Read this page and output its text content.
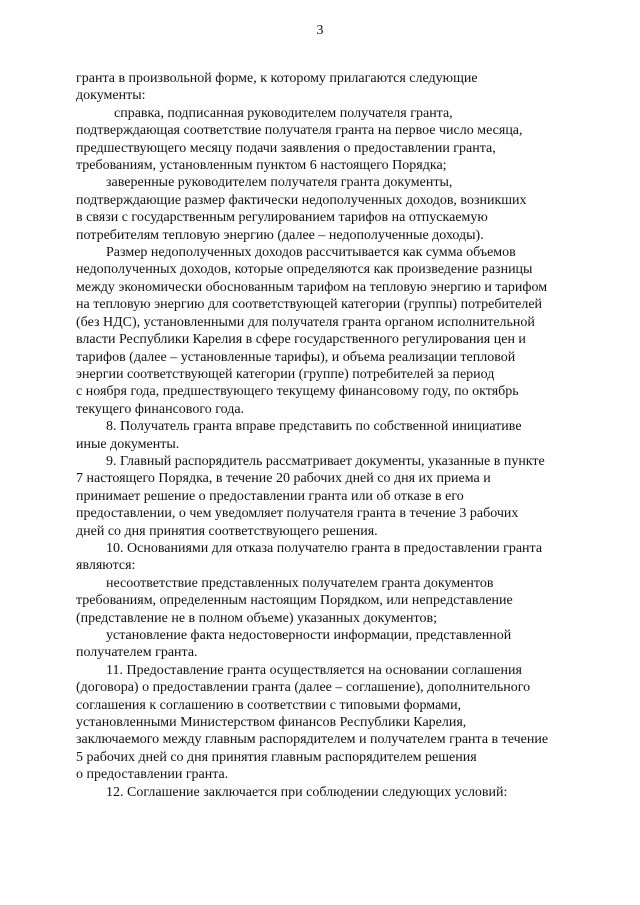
3

гранта в произвольной форме, к которому прилагаются следующие
документы:

справка, подписанная руководителем получателя гранта,
подтверждающая соответствие получателя гранта на первое число месяца,
предшествующего месяцу подачи заявления о предоставлении гранта,
требованиям, установленным пунктом 6 настоящего Порядка;

заверенные руководителем получателя гранта документы,
подтверждающие размер фактически недополученных доходов, возникших
в связи с государственным регулированием тарифов на отпускаемую
потребителям тепловую энергию (далее – недополученные доходы).

Размер недополученных доходов рассчитывается как сумма объемов
недополученных доходов, которые определяются как произведение разницы
между экономически обоснованным тарифом на тепловую энергию и тарифом
на тепловую энергию для соответствующей категории (группы) потребителей
(без НДС), установленными для получателя гранта органом исполнительной
власти Республики Карелия в сфере государственного регулирования цен и
тарифов (далее – установленные тарифы), и объема реализации тепловой
энергии соответствующей категории (группе) потребителей за период
с ноября года, предшествующего текущему финансовому году, по октябрь
текущего финансового года.

8. Получатель гранта вправе представить по собственной инициативе
иные документы.

9. Главный распорядитель рассматривает документы, указанные в пункте
7 настоящего Порядка, в течение 20 рабочих дней со дня их приема и
принимает решение о предоставлении гранта или об отказе в его
предоставлении, о чем уведомляет получателя гранта в течение 3 рабочих
дней со дня принятия соответствующего решения.

10. Основаниями для отказа получателю гранта в предоставлении гранта
являются:

несоответствие представленных получателем гранта документов
требованиям, определенным настоящим Порядком, или непредставление
(представление не в полном объеме) указанных документов;

установление факта недостоверности информации, представленной
получателем гранта.

11. Предоставление гранта осуществляется на основании соглашения
(договора) о предоставлении гранта (далее – соглашение), дополнительного
соглашения к соглашению в соответствии с типовыми формами,
установленными Министерством финансов Республики Карелия,
заключаемого между главным распорядителем и получателем гранта в течение
5 рабочих дней со дня принятия главным распорядителем решения
о предоставлении гранта.

12. Соглашение заключается при соблюдении следующих условий:
